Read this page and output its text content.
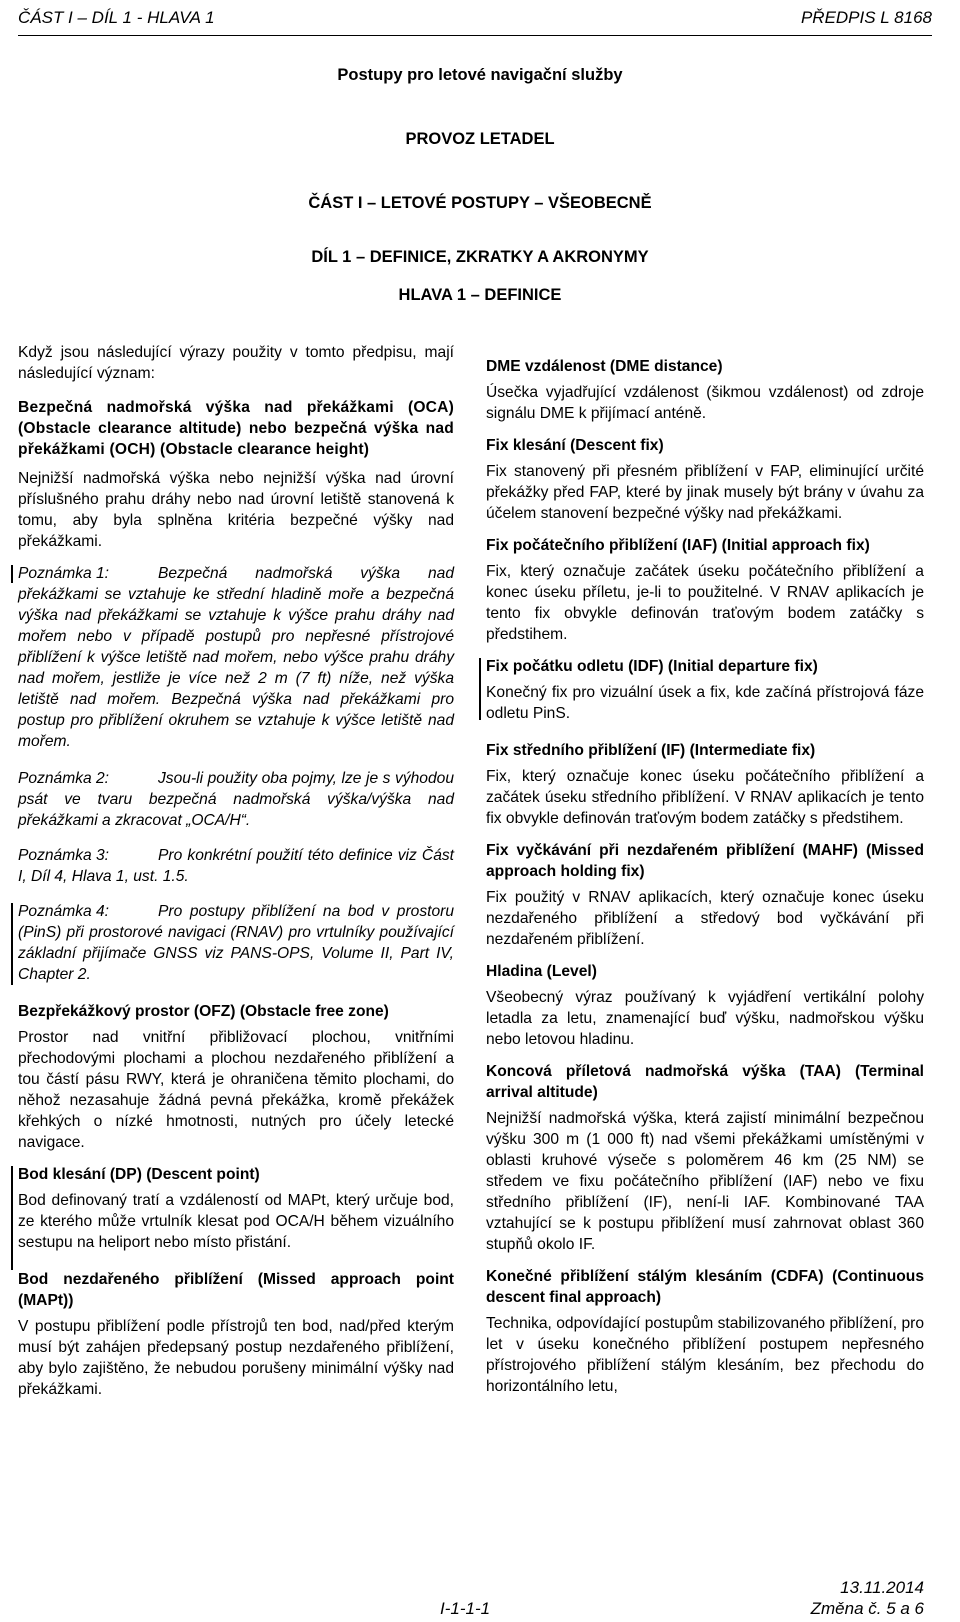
ČÁST I – DÍL 1 - HLAVA 1	PŘEDPIS L 8168
Postupy pro letové navigační služby
PROVOZ LETADEL
ČÁST I – LETOVÉ POSTUPY – VŠEOBECNĚ
DÍL 1 – DEFINICE, ZKRATKY A AKRONYMY
HLAVA 1 – DEFINICE

Když jsou následující výrazy použity v tomto předpisu, mají následující význam:

Bezpečná nadmořská výška nad překážkami (OCA) (Obstacle clearance altitude) nebo bezpečná výška nad překážkami (OCH) (Obstacle clearance height)

Nejnižší nadmořská výška nebo nejnižší výška nad úrovní příslušného prahu dráhy nebo nad úrovní letiště stanovená k tomu, aby byla splněna kritéria bezpečné výšky nad překážkami.

Poznámka 1:	Bezpečná nadmořská výška nad překážkami se vztahuje ke střední hladině moře a bezpečná výška nad překážkami se vztahuje k výšce prahu dráhy nad mořem nebo v případě postupů pro nepřesné přístrojové přiblížení k výšce letiště nad mořem, nebo výšce prahu dráhy nad mořem, jestliže je více než 2 m (7 ft) níže, než výška letiště nad mořem. Bezpečná výška nad překážkami pro postup pro přiblížení okruhem se vztahuje k výšce letiště nad mořem.
Poznámka 2:	Jsou-li použity oba pojmy, lze je s výhodou psát ve tvaru bezpečná nadmořská výška/výška nad překážkami a zkracovat „OCA/H“.
Poznámka 3:	Pro konkrétní použití této definice viz Část I, Díl 4, Hlava 1, ust. 1.5.
Poznámka 4:	Pro postupy přiblížení na bod v prostoru (PinS) při prostorové navigaci (RNAV) pro vrtulníky používající základní přijímače GNSS viz PANS-OPS, Volume II, Part IV, Chapter 2.
Bezpřekážkový prostor (OFZ) (Obstacle free zone)

Prostor nad vnitřní přibližovací plochou, vnitřními přechodovými plochami a plochou nezdařeného přiblížení a tou částí pásu RWY, která je ohraničena těmito plochami, do něhož nezasahuje žádná pevná překážka, kromě překážek křehkých o nízké hmotnosti, nutných pro účely letecké navigace.

Bod klesání (DP) (Descent point)

Bod definovaný tratí a vzdáleností od MAPt, který určuje bod, ze kterého může vrtulník klesat pod OCA/H během vizuálního sestupu na heliport nebo místo přistání.

Bod nezdařeného přiblížení (Missed approach point (MAPt))

V postupu přiblížení podle přístrojů ten bod, nad/před kterým musí být zahájen předepsaný postup nezdařeného přiblížení, aby bylo zajištěno, že nebudou porušeny minimální výšky nad překážkami.

DME vzdálenost (DME distance)

Úsečka vyjadřující vzdálenost (šikmou vzdálenost) od zdroje signálu DME k přijímací anténě.

Fix klesání (Descent fix)

Fix stanovený při přesném přiblížení v FAP, eliminující určité překážky před FAP, které by jinak musely být brány v úvahu za účelem stanovení bezpečné výšky nad překážkami.

Fix počátečního přiblížení (IAF) (Initial approach fix)

Fix, který označuje začátek úseku počátečního přiblížení a konec úseku příletu, je-li to použitelné. V RNAV aplikacích je tento fix obvykle definován traťovým bodem zatáčky s předstihem.

Fix počátku odletu (IDF) (Initial departure fix)

Konečný fix pro vizuální úsek a fix, kde začíná přístrojová fáze odletu PinS.

Fix středního přiblížení (IF) (Intermediate fix)

Fix, který označuje konec úseku počátečního přiblížení a začátek úseku středního přiblížení. V RNAV aplikacích je tento fix obvykle definován traťovým bodem zatáčky s předstihem.

Fix vyčkávání při nezdařeném přiblížení (MAHF) (Missed approach holding fix)

Fix použitý v RNAV aplikacích, který označuje konec úseku nezdařeného přiblížení a středový bod vyčkávání při nezdařeném přiblížení.

Hladina (Level)

Všeobecný výraz používaný k vyjádření vertikální polohy letadla za letu, znamenající buď výšku, nadmořskou výšku nebo letovou hladinu.

Koncová příletová nadmořská výška (TAA) (Terminal arrival altitude)

Nejnižší nadmořská výška, která zajistí minimální bezpečnou výšku 300 m (1 000 ft) nad všemi překážkami umístěnými v oblasti kruhové výseče s poloměrem 46 km (25 NM) se středem ve fixu počátečního přiblížení (IAF) nebo ve fixu středního přiblížení (IF), není-li IAF. Kombinované TAA vztahující se k postupu přiblížení musí zahrnovat oblast 360 stupňů okolo IF.

Konečné přiblížení stálým klesáním (CDFA) (Continuous descent final approach)

Technika, odpovídající postupům stabilizovaného přiblížení, pro let v úseku konečného přiblížení postupem nepřesného přístrojového přiblížení stálým klesáním, bez přechodu do horizontálního letu,

13.11.2014
I-1-1-1	Změna č. 5 a 6
